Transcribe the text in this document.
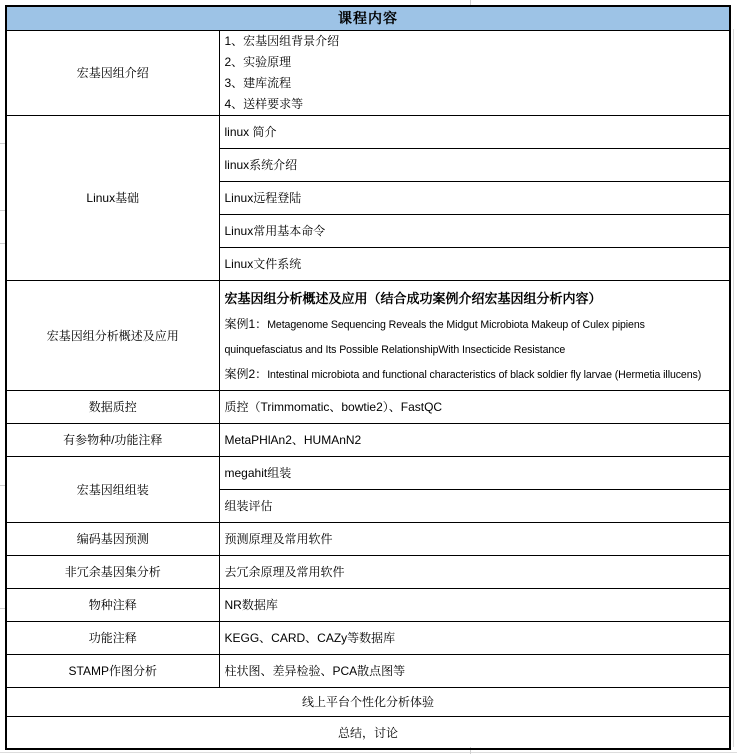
课程内容	
宏基因组介绍	1、宏基因组背景介绍
2、实验原理
3、建库流程
4、送样要求等

Linux基础	linux 简介
	linux系统介绍
	Linux远程登陆
	Linux常用基本命令
	Linux文件系统
宏基因组分析概述及应用	宏基因组分析概述及应用（结合成功案例介绍宏基因组分析内容）
案例1：Metagenome Sequencing Reveals the Midgut Microbiota Makeup of Culex pipiens quinquefasciatus and Its Possible RelationshipWith Insecticide Resistance
案例2：Intestinal microbiota and functional characteristics of black soldier fly larvae (Hermetia illucens)

数据质控	质控（Trimmomatic、bowtie2）、FastQC
有参物种/功能注释	MetaPHlAn2、HUMAnN2
宏基因组组装	megahit组装
	组装评估
编码基因预测	预测原理及常用软件
非冗余基因集分析	去冗余原理及常用软件
物种注释	NR数据库
功能注释	KEGG、CARD、CAZy等数据库
STAMP作图分析	柱状图、差异检验、PCA散点图等
线上平台个性化分析体验	
总结，讨论	
